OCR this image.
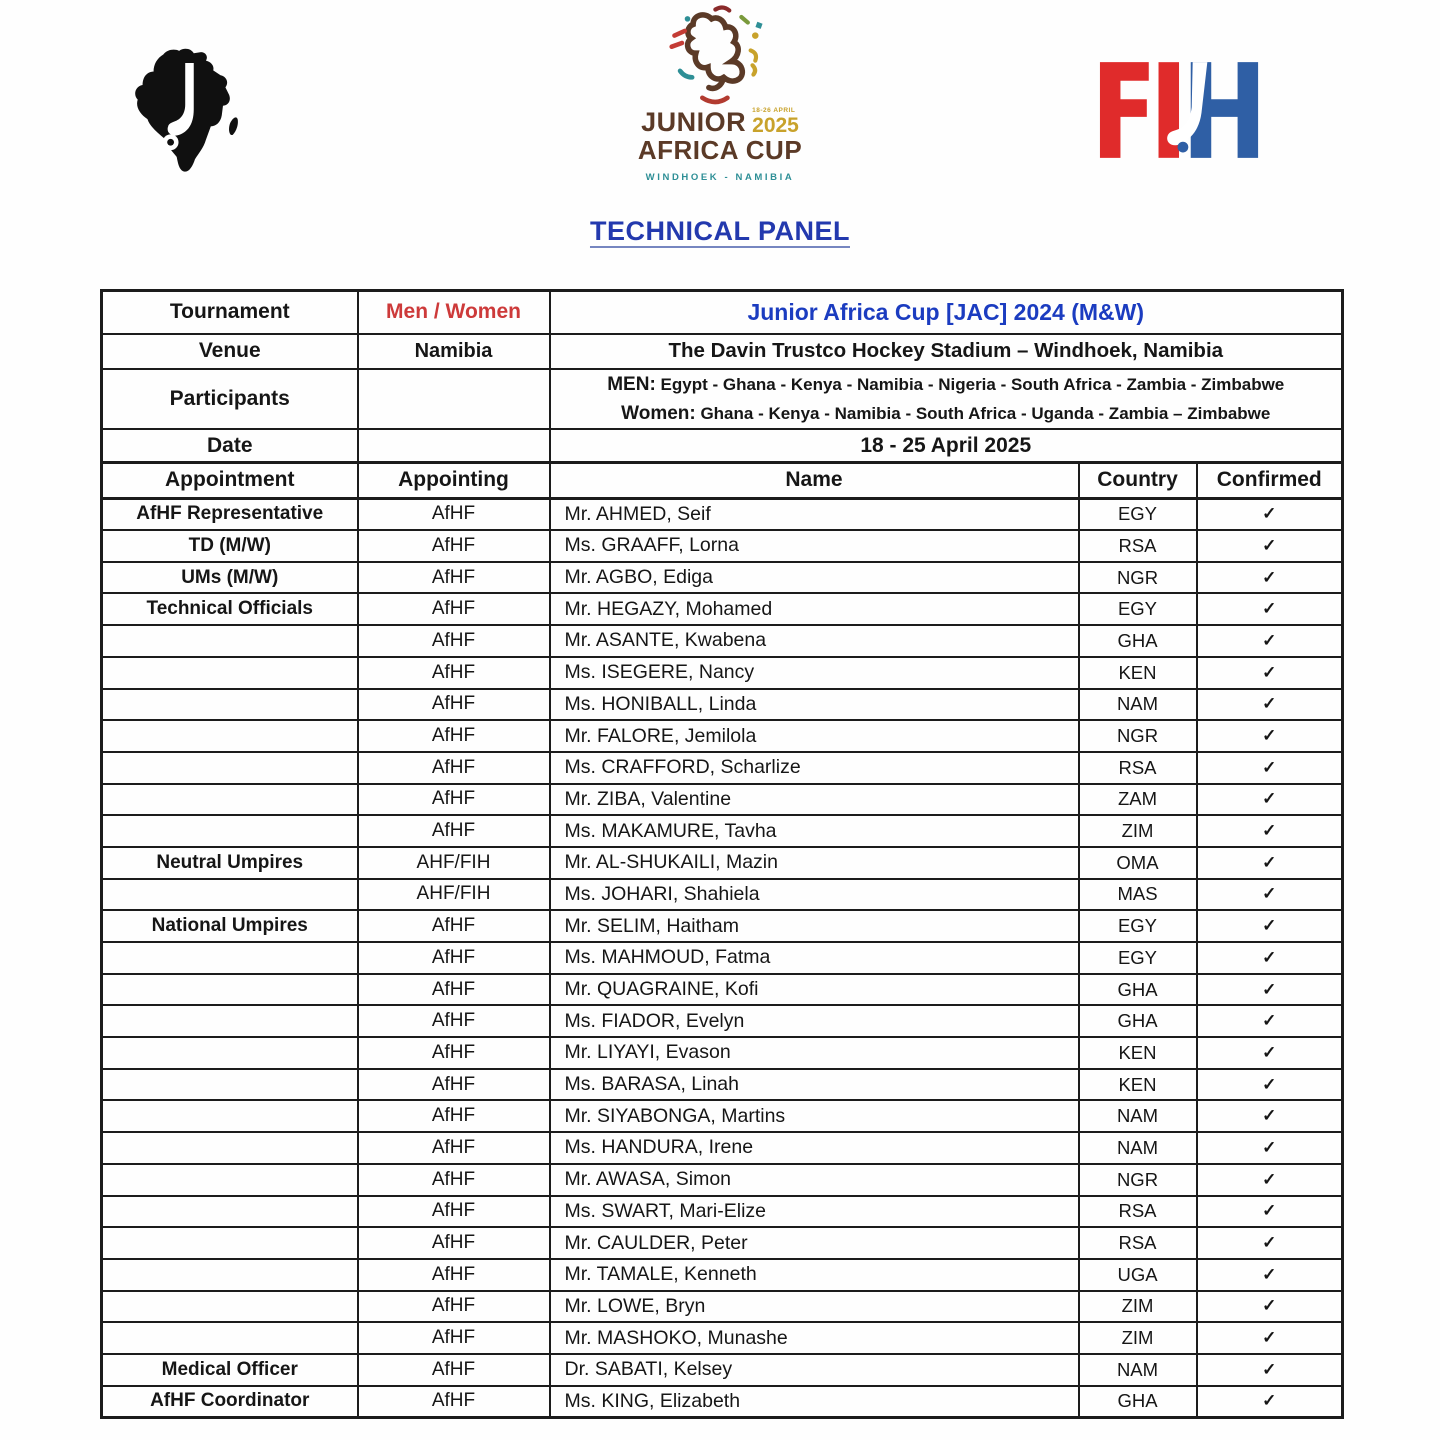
JUNIOR 18-26 APRIL
2025
AFRICA CUP
WINDHOEK - NAMIBIA
TECHNICAL PANEL
Tournament	Men / Women	Junior Africa Cup [JAC] 2024 (M&W)		
Venue	Namibia	The Davin Trustco Hockey Stadium – Windhoek, Namibia		
Participants		MEN: Egypt - Ghana - Kenya - Namibia - Nigeria - South Africa - Zambia - Zimbabwe
Women: Ghana - Kenya - Namibia - South Africa - Uganda - Zambia – Zimbabwe		

Date		18 - 25 April 2025		
Appointment	Appointing	Name	Country	Confirmed
AfHF Representative	AfHF	Mr. AHMED, Seif	EGY	✓
TD (M/W)	AfHF	Ms. GRAAFF, Lorna	RSA	✓
UMs (M/W)	AfHF	Mr. AGBO, Ediga	NGR	✓
Technical Officials	AfHF	Mr. HEGAZY, Mohamed	EGY	✓
	AfHF	Mr. ASANTE, Kwabena	GHA	✓
	AfHF	Ms. ISEGERE, Nancy	KEN	✓
	AfHF	Ms. HONIBALL, Linda	NAM	✓
	AfHF	Mr. FALORE, Jemilola	NGR	✓
	AfHF	Ms. CRAFFORD, Scharlize	RSA	✓
	AfHF	Mr. ZIBA, Valentine	ZAM	✓
	AfHF	Ms. MAKAMURE, Tavha	ZIM	✓
Neutral Umpires	AHF/FIH	Mr. AL-SHUKAILI, Mazin	OMA	✓
	AHF/FIH	Ms. JOHARI, Shahiela	MAS	✓
National Umpires	AfHF	Mr. SELIM, Haitham	EGY	✓
	AfHF	Ms. MAHMOUD, Fatma	EGY	✓
	AfHF	Mr. QUAGRAINE, Kofi	GHA	✓
	AfHF	Ms. FIADOR, Evelyn	GHA	✓
	AfHF	Mr. LIYAYI, Evason	KEN	✓
	AfHF	Ms. BARASA, Linah	KEN	✓
	AfHF	Mr. SIYABONGA, Martins	NAM	✓
	AfHF	Ms. HANDURA, Irene	NAM	✓
	AfHF	Mr. AWASA, Simon	NGR	✓
	AfHF	Ms. SWART, Mari-Elize	RSA	✓
	AfHF	Mr. CAULDER, Peter	RSA	✓
	AfHF	Mr. TAMALE, Kenneth	UGA	✓
	AfHF	Mr. LOWE, Bryn	ZIM	✓
	AfHF	Mr. MASHOKO, Munashe	ZIM	✓
Medical Officer	AfHF	Dr. SABATI, Kelsey	NAM	✓
AfHF Coordinator	AfHF	Ms. KING, Elizabeth	GHA	✓
